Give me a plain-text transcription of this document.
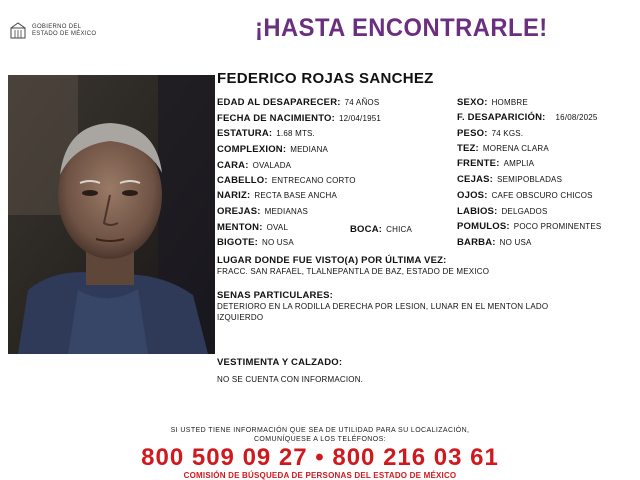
GOBIERNO DEL
ESTADO DE MÉXICO	¡HASTA ENCONTRARLE!
FEDERICO ROJAS SANCHEZ
EDAD AL DESAPARECER: 74 AÑOS
FECHA DE NACIMIENTO: 12/04/1951
ESTATURA: 1.68 MTS.
COMPLEXION: MEDIANA
CARA: OVALADA
CABELLO: ENTRECANO CORTO
NARIZ: RECTA BASE ANCHA
OREJAS: MEDIANAS
MENTON: OVAL	BOCA: CHICA
BIGOTE: NO USA
SEXO: HOMBRE
F. DESAPARICIÓN: 16/08/2025
PESO: 74 KGS.
TEZ: MORENA CLARA
FRENTE: AMPLIA
CEJAS: SEMIPOBLADAS
OJOS: CAFE OBSCURO CHICOS
LABIOS: DELGADOS
POMULOS: POCO PROMINENTES
BARBA: NO USA
LUGAR DONDE FUE VISTO(A) POR ÚLTIMA VEZ:
FRACC. SAN RAFAEL, TLALNEPANTLA DE BAZ, ESTADO DE MEXICO
SENAS PARTICULARES:
DETERIORO EN LA RODILLA DERECHA POR LESION, LUNAR EN EL MENTON LADO
IZQUIERDO
VESTIMENTA Y CALZADO:
NO SE CUENTA CON INFORMACION.
SI USTED TIENE INFORMACIÓN QUE SEA DE UTILIDAD PARA SU LOCALIZACIÓN,
COMUNÍQUESE A LOS TELÉFONOS:
800 509 09 27 • 800 216 03 61
COMISIÓN DE BÚSQUEDA DE PERSONAS DEL ESTADO DE MÉXICO
